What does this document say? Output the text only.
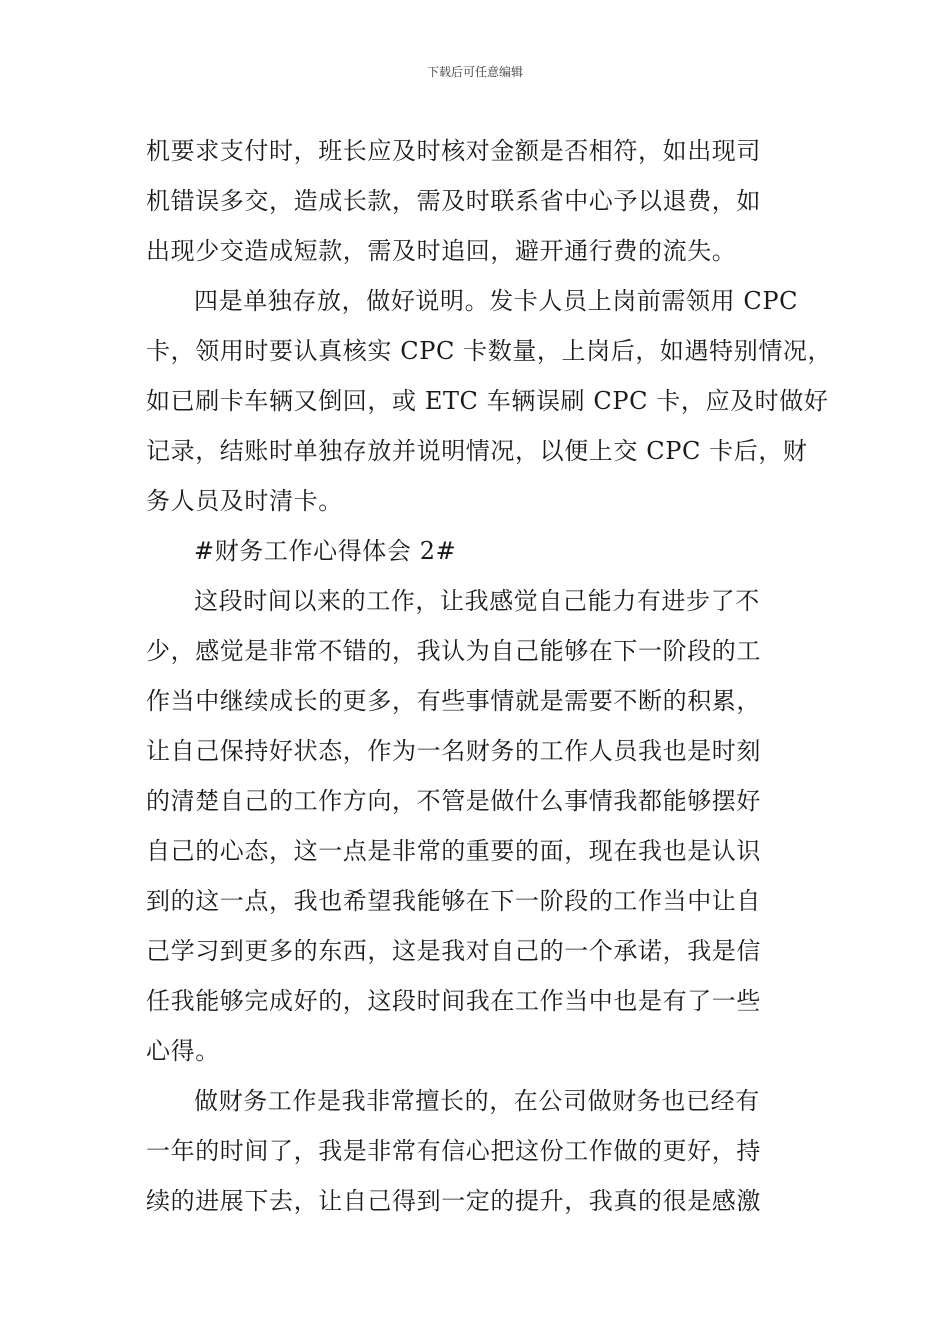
下载后可任意编辑

机要求支付时，班长应及时核对金额是否相符，如出现司

机错误多交，造成长款，需及时联系省中心予以退费，如

出现少交造成短款，需及时追回，避开通行费的流失。

四是单独存放，做好说明。发卡人员上岗前需领用 CPC

卡，领用时要认真核实 CPC 卡数量，上岗后，如遇特别情况，

如已刷卡车辆又倒回，或 ETC 车辆误刷 CPC 卡，应及时做好

记录，结账时单独存放并说明情况，以便上交 CPC 卡后，财

务人员及时清卡。

#财务工作心得体会 2#

这段时间以来的工作，让我感觉自己能力有进步了不

少，感觉是非常不错的，我认为自己能够在下一阶段的工

作当中继续成长的更多，有些事情就是需要不断的积累，

让自己保持好状态，作为一名财务的工作人员我也是时刻

的清楚自己的工作方向，不管是做什么事情我都能够摆好

自己的心态，这一点是非常的重要的面，现在我也是认识

到的这一点，我也希望我能够在下一阶段的工作当中让自

己学习到更多的东西，这是我对自己的一个承诺，我是信

任我能够完成好的，这段时间我在工作当中也是有了一些

心得。

做财务工作是我非常擅长的，在公司做财务也已经有

一年的时间了，我是非常有信心把这份工作做的更好，持

续的进展下去，让自己得到一定的提升，我真的很是感激
